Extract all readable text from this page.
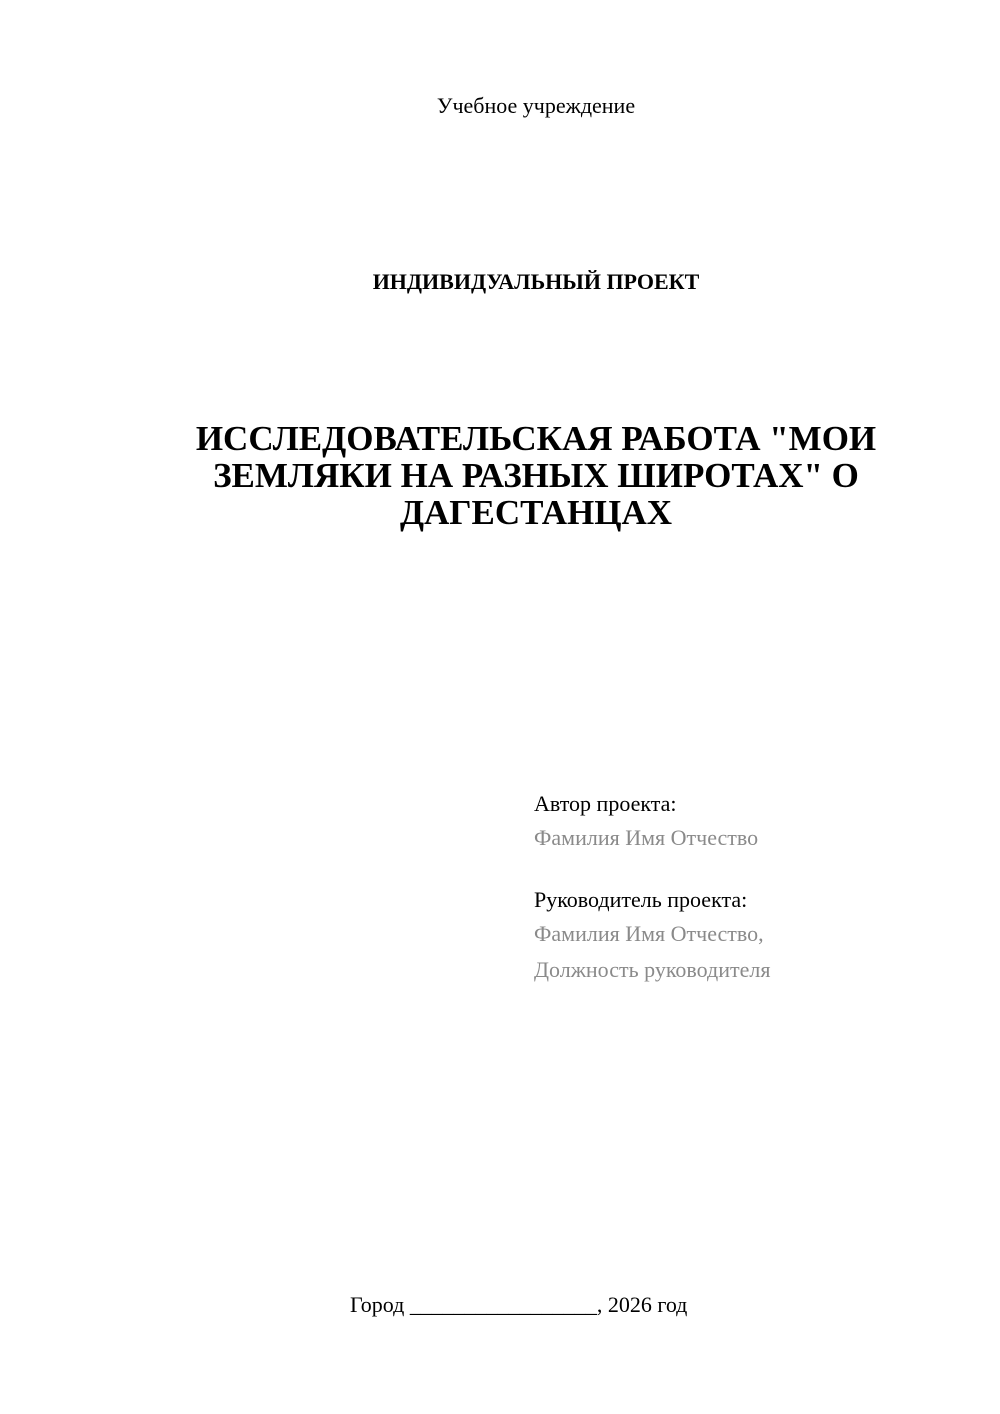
Учебное учреждение
ИНДИВИДУАЛЬНЫЙ ПРОЕКТ
ИССЛЕДОВАТЕЛЬСКАЯ РАБОТА "МОИ ЗЕМЛЯКИ НА РАЗНЫХ ШИРОТАХ" О ДАГЕСТАНЦАХ
Автор проекта:
Фамилия Имя Отчество
Руководитель проекта:
Фамилия Имя Отчество,
Должность руководителя
Город _________________, 2026 год
